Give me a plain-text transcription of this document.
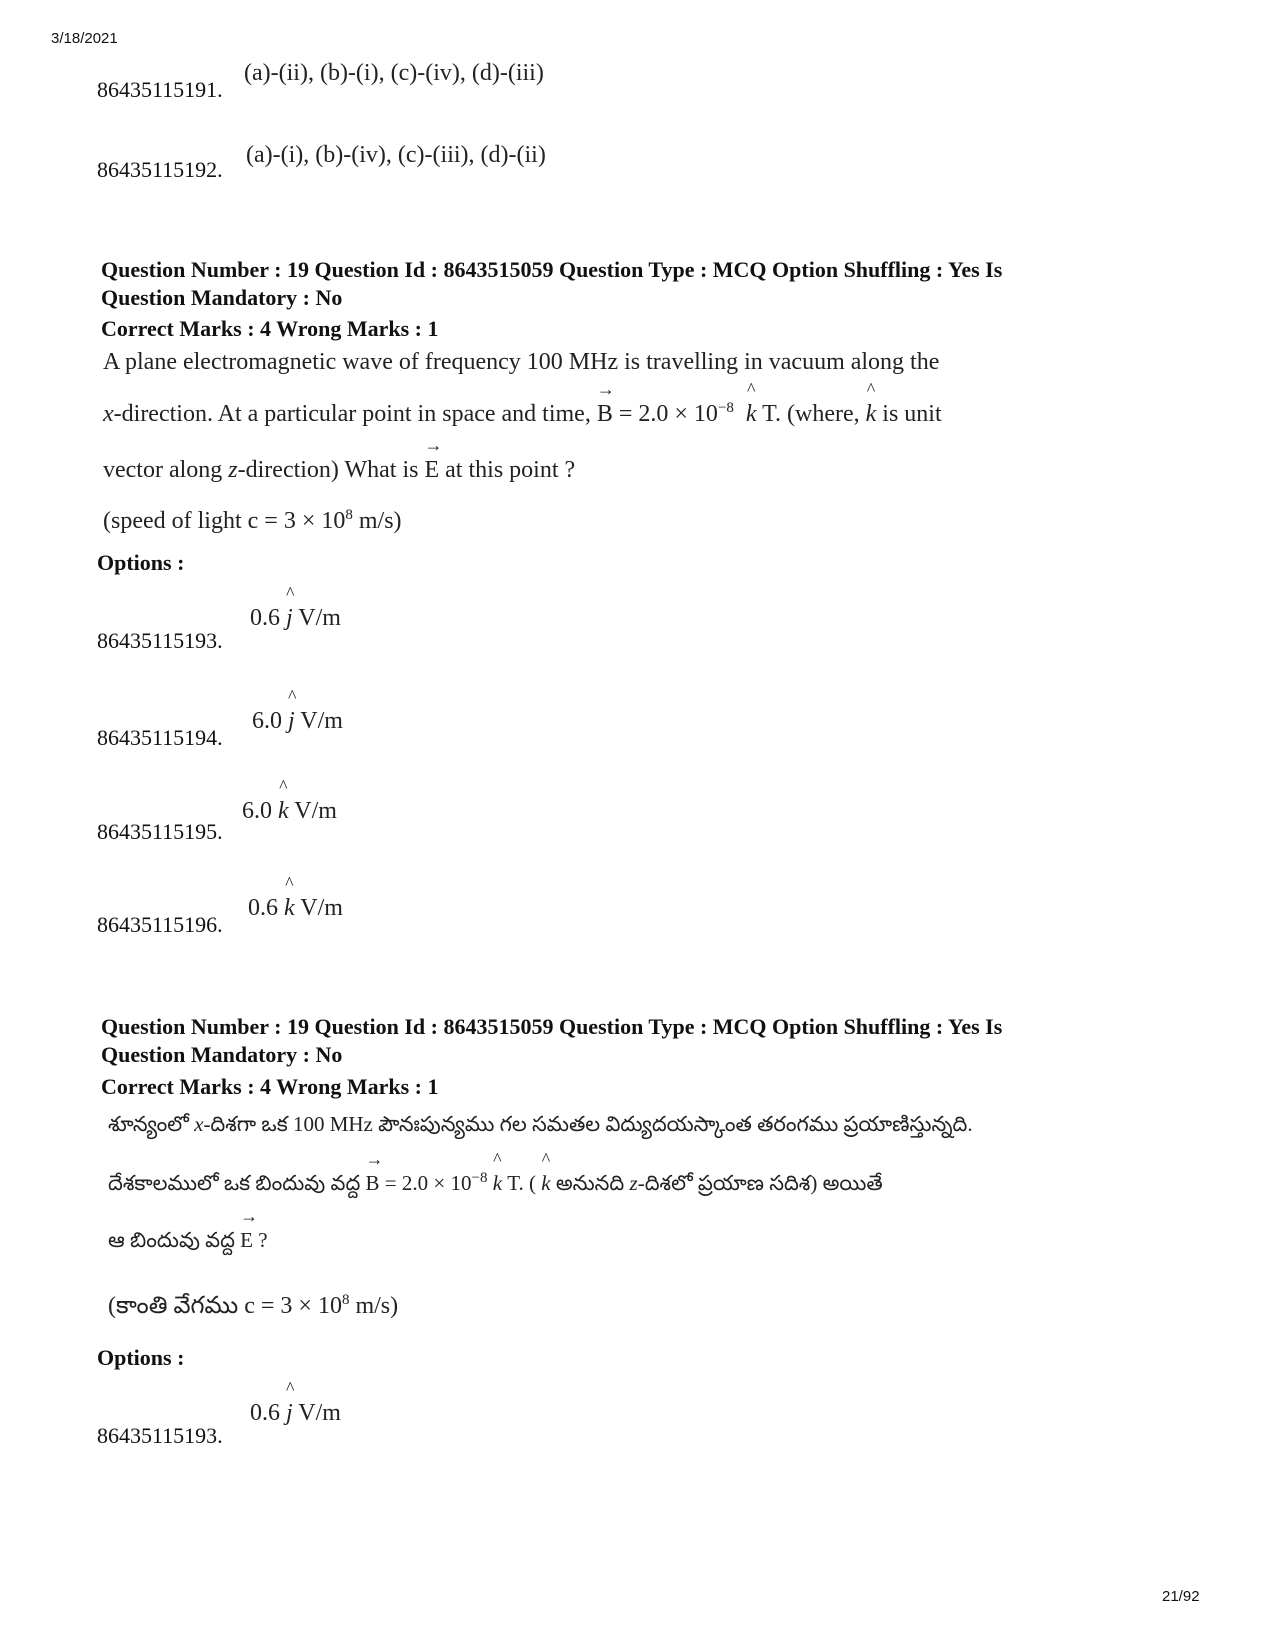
3/18/2021
(a)-(ii), (b)-(i), (c)-(iv), (d)-(iii)
86435115191.
(a)-(i), (b)-(iv), (c)-(iii), (d)-(ii)
86435115192.
Question Number : 19 Question Id : 8643515059 Question Type : MCQ Option Shuffling : Yes Is
Question Mandatory : No
Correct Marks : 4 Wrong Marks : 1
A plane electromagnetic wave of frequency 100 MHz is travelling in vacuum along the
x-direction. At a particular point in space and time,
→
$B = 2.0 \times 10^{-8}$
^
k T. (where,
^
k is unit
vector along z-direction) What is
→
E at this point ?
(speed of light $c = 3 \times 10^8$ m/s)
Options :
0.6
^
j V/m
86435115193.
6.0
^
j V/m
86435115194.
6.0
^
k V/m
86435115195.
0.6
^
k V/m
86435115196.
Question Number : 19 Question Id : 8643515059 Question Type : MCQ Option Shuffling : Yes Is
Question Mandatory : No
Correct Marks : 4 Wrong Marks : 1
శూన్యంలో x-దిశగా ఒక 100 MHz పౌనఃపున్యము గల సమతల విద్యుదయస్కాంత తరంగము ప్రయాణిస్తున్నది.
దేశకాలములో ఒక బిందువు వద్ద
→
$B = 2.0 \times 10^{-8}$
^
k T. (
^
k అనునది z-దిశలో ప్రయాణ సదిశ) అయితే
ఆ బిందువు వద్ద
→
E ?
(కాంతి వేగము $c = 3 \times 10^8$ m/s)
Options :
0.6
^
j V/m
86435115193.
21/92
